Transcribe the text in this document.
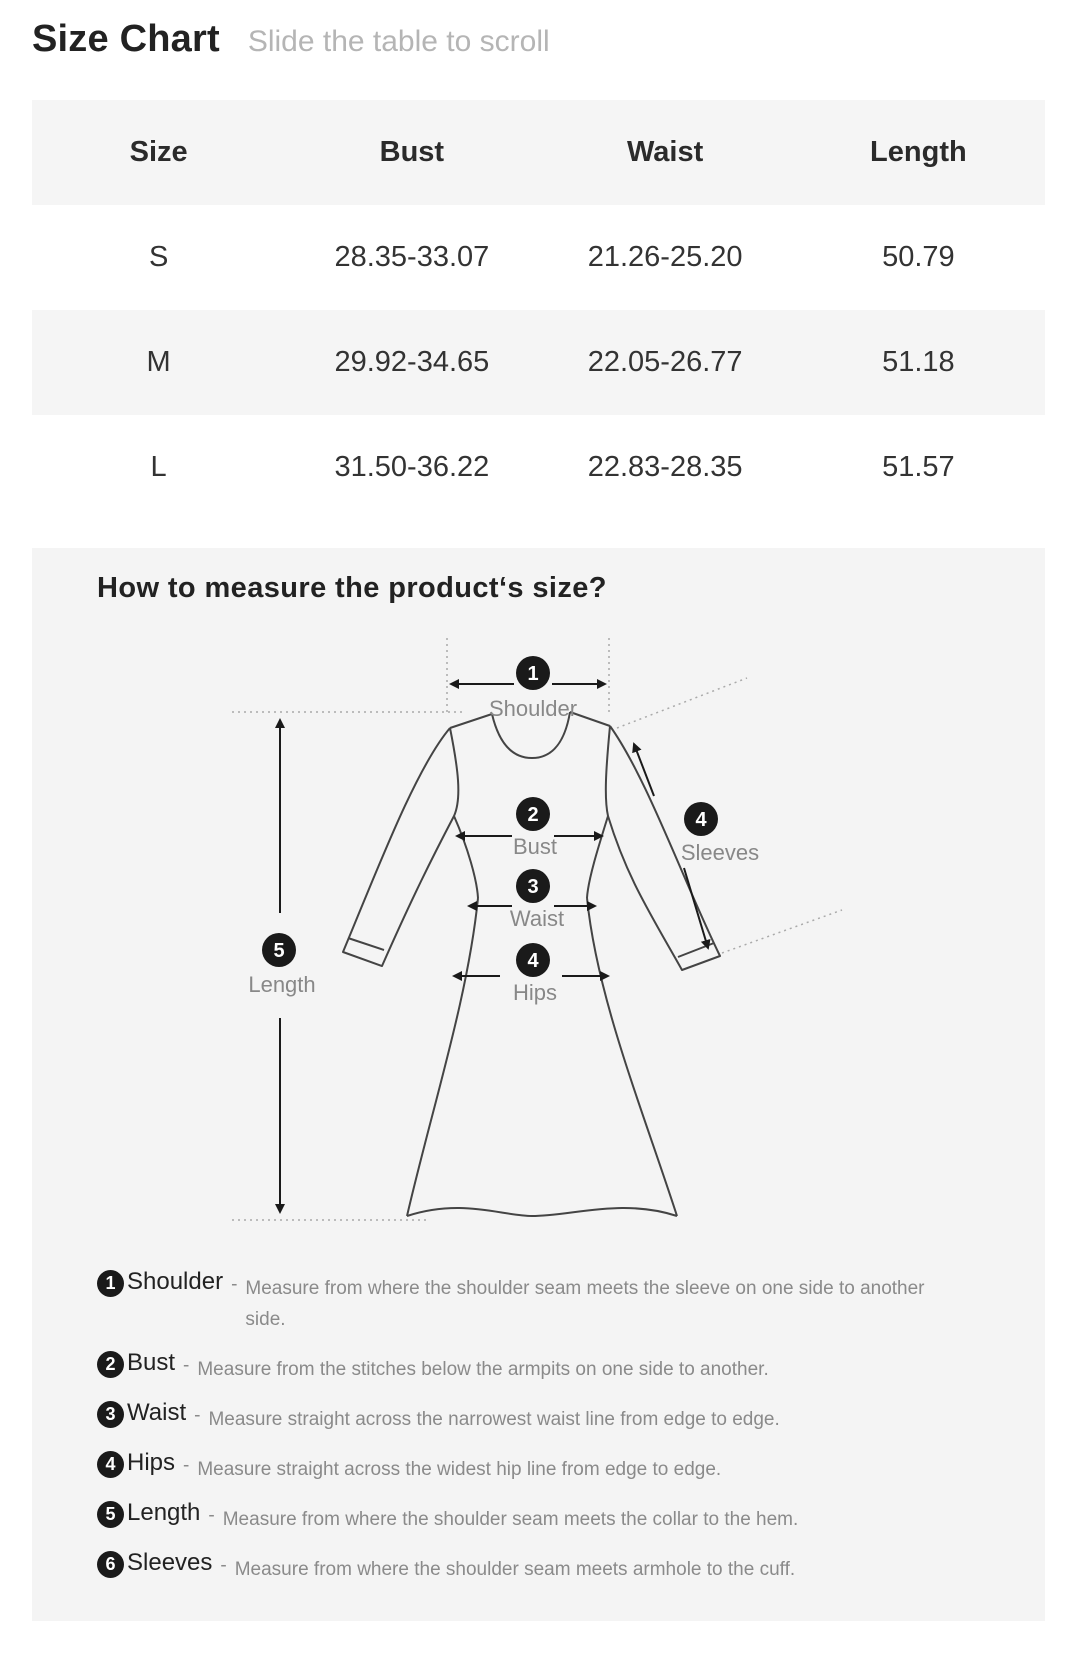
Size Chart Slide the table to scroll
Size	Bust	Waist	Length
S	28.35-33.07	21.26-25.20	50.79
M	29.92-34.65	22.05-26.77	51.18
L	31.50-36.22	22.83-28.35	51.57
How to measure the product‘s size?
1
Shoulder
2
Bust
3
Waist
4
Hips
4
Sleeves
5
Length
1 Shoulder - Measure from where the shoulder seam meets the sleeve on one side to another side.
2 Bust - Measure from the stitches below the armpits on one side to another.
3 Waist - Measure straight across the narrowest waist line from edge to edge.
4 Hips - Measure straight across the widest hip line from edge to edge.
5 Length - Measure from where the shoulder seam meets the collar to the hem.
6 Sleeves - Measure from where the shoulder seam meets armhole to the cuff.
